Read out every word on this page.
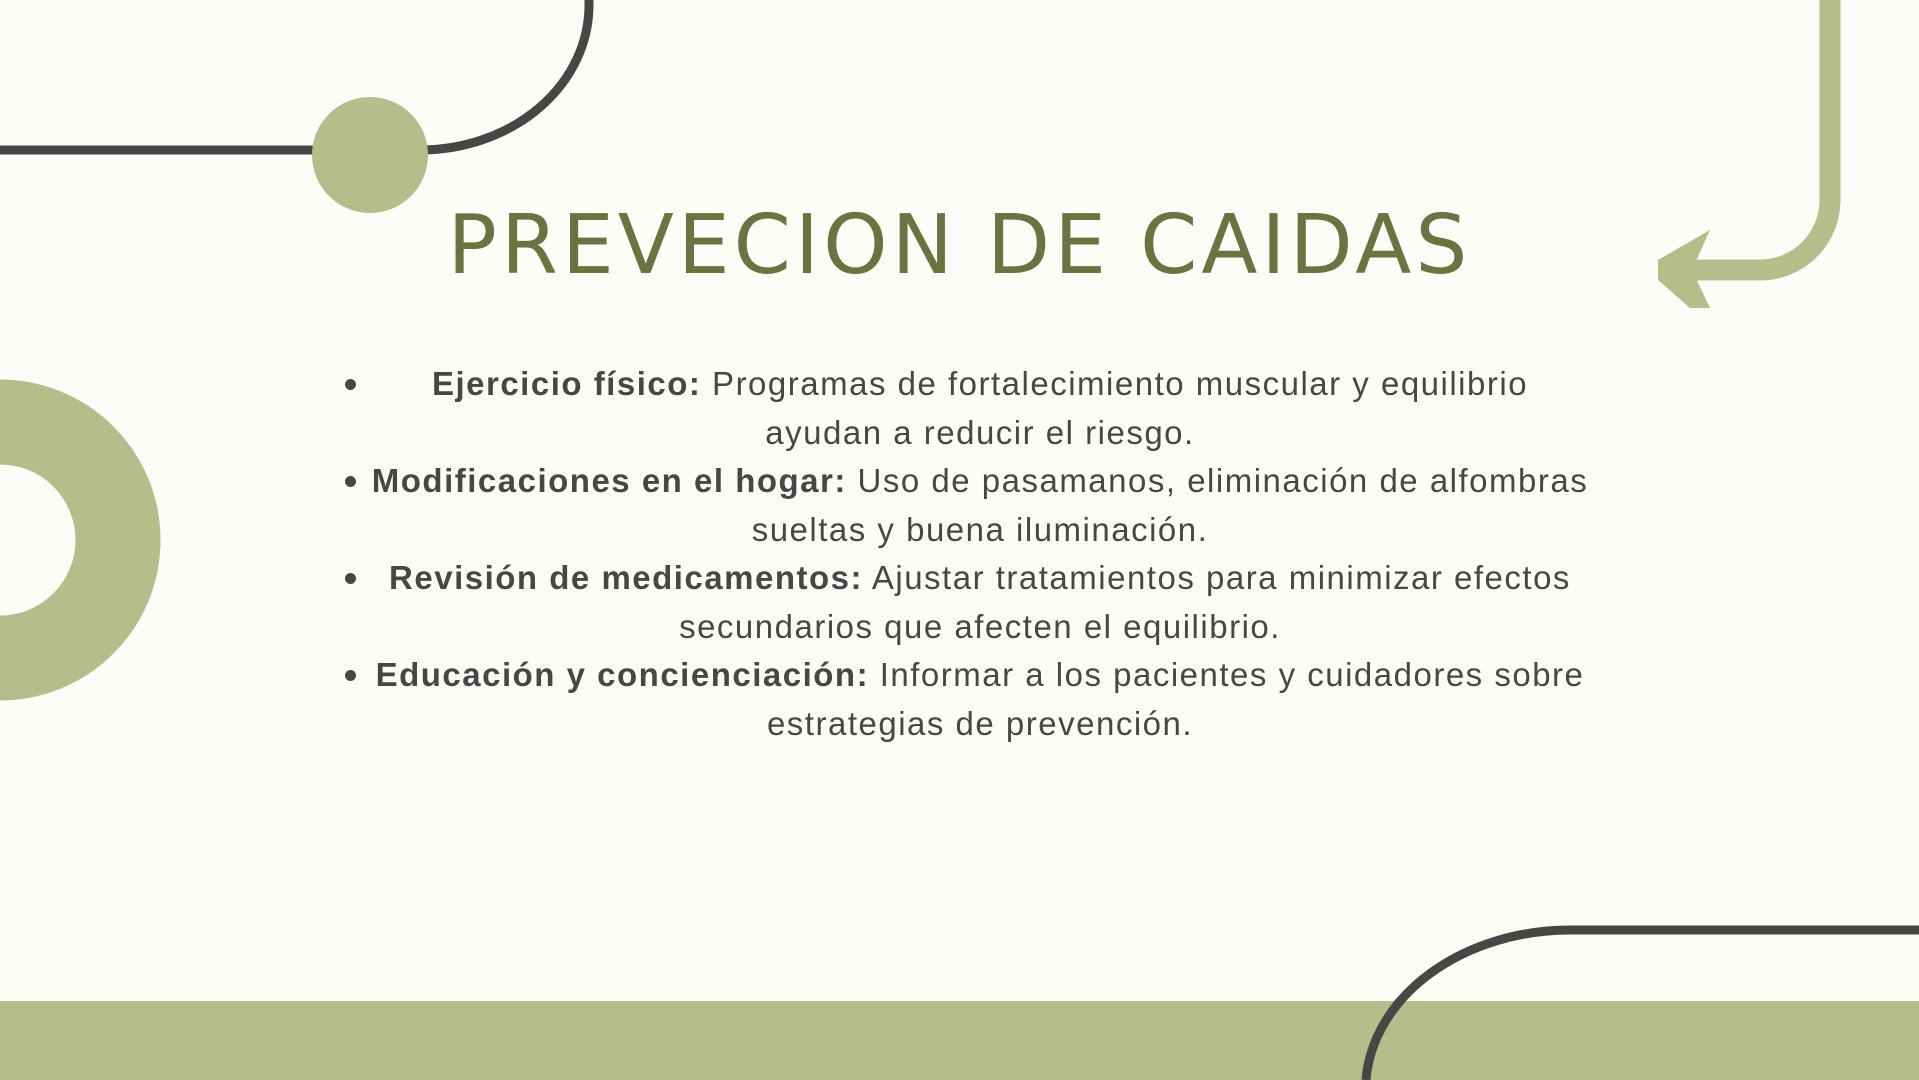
PREVECION DE CAIDAS
Ejercicio físico: Programas de fortalecimiento muscular y equilibrio ayudan a reducir el riesgo.
Modificaciones en el hogar: Uso de pasamanos, eliminación de alfombras sueltas y buena iluminación.
Revisión de medicamentos: Ajustar tratamientos para minimizar efectos secundarios que afecten el equilibrio.
Educación y concienciación: Informar a los pacientes y cuidadores sobre estrategias de prevención.
